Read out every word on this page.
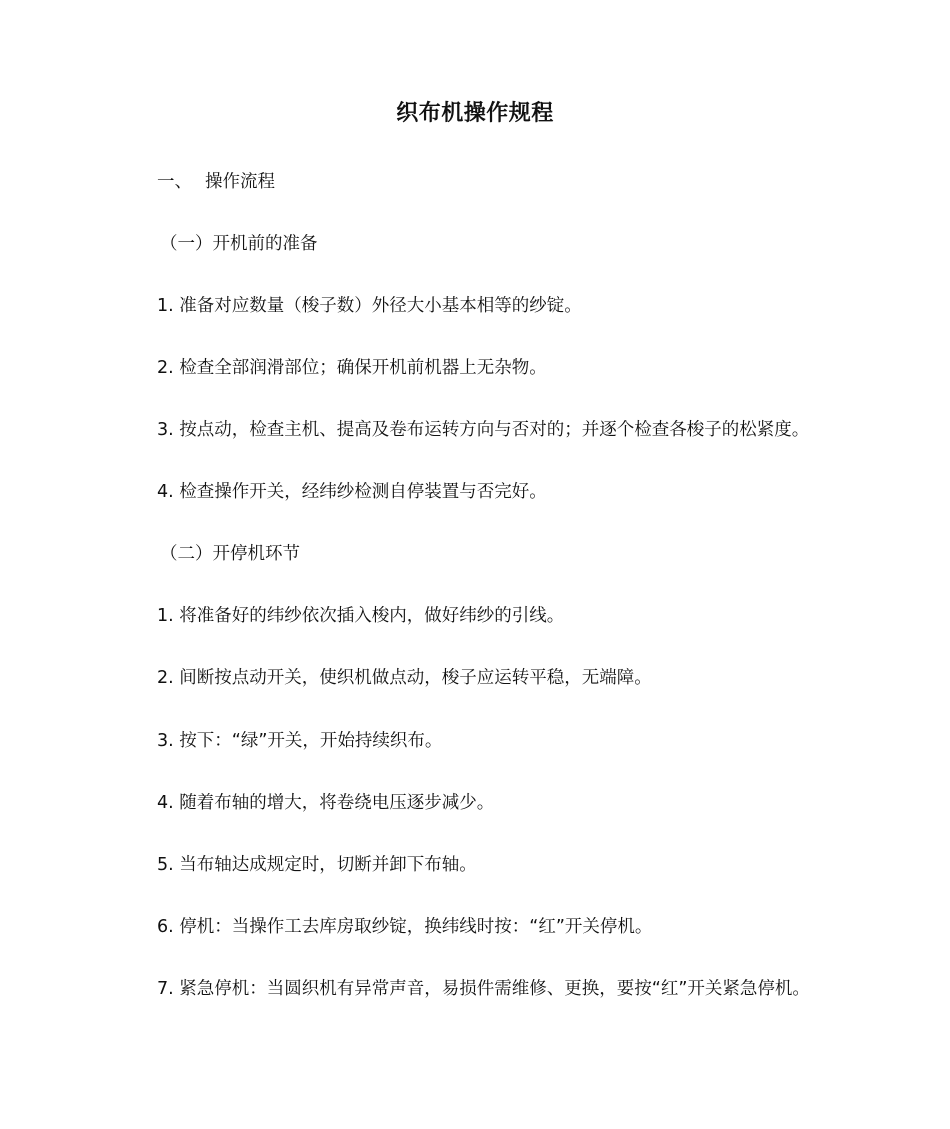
织布机操作规程
一、 操作流程
（一）开机前的准备
1. 准备对应数量（梭子数）外径大小基本相等的纱锭。
2. 检查全部润滑部位；确保开机前机器上无杂物。
3. 按点动，检查主机、提高及卷布运转方向与否对的；并逐个检查各梭子的松紧度。
4. 检查操作开关，经纬纱检测自停装置与否完好。
（二）开停机环节
1. 将准备好的纬纱依次插入梭内，做好纬纱的引线。
2. 间断按点动开关，使织机做点动，梭子应运转平稳，无端障。
3. 按下：“绿”开关，开始持续织布。
4. 随着布轴的增大，将卷绕电压逐步减少。
5. 当布轴达成规定时，切断并卸下布轴。
6. 停机：当操作工去库房取纱锭，换纬线时按：“红”开关停机。
7. 紧急停机：当圆织机有异常声音，易损件需维修、更换，要按“红”开关紧急停机。
